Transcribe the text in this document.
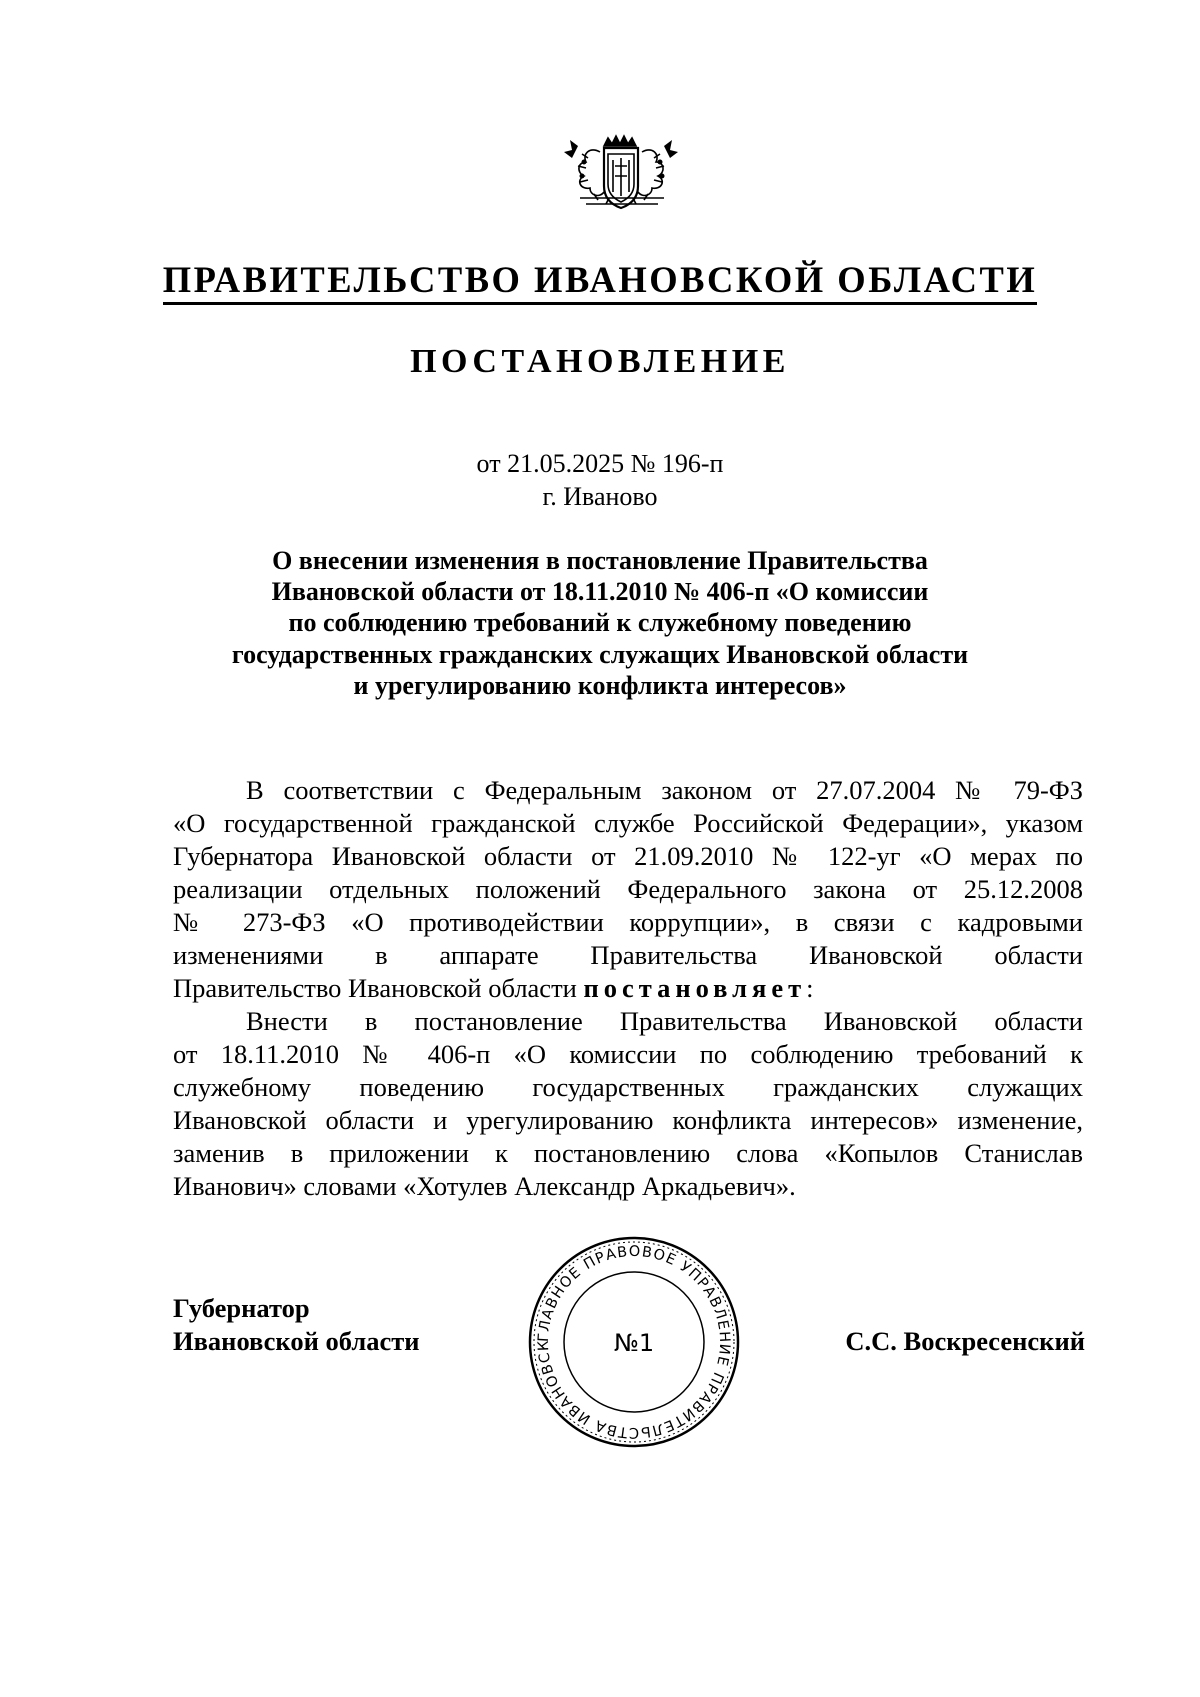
ПРАВИТЕЛЬСТВО ИВАНОВСКОЙ ОБЛАСТИ
ПОСТАНОВЛЕНИЕ
от 21.05.2025 № 196-п
г. Иваново
О внесении изменения в постановление Правительства
Ивановской области от 18.11.2010 № 406-п «О комиссии
по соблюдению требований к служебному поведению
государственных гражданских служащих Ивановской области
и урегулированию конфликта интересов»
В соответствии с Федеральным законом от 27.07.2004 № 79-ФЗ
«О государственной гражданской службе Российской Федерации», указом
Губернатора Ивановской области от 21.09.2010 № 122-уг «О мерах по
реализации отдельных положений Федерального закона от 25.12.2008
№ 273-ФЗ «О противодействии коррупции», в связи с кадровыми
изменениями в аппарате Правительства Ивановской области
Правительство Ивановской области постановляет:
Внести в постановление Правительства Ивановской области
от 18.11.2010 № 406-п «О комиссии по соблюдению требований к
служебному поведению государственных гражданских служащих
Ивановской области и урегулированию конфликта интересов» изменение,
заменив в приложении к постановлению слова «Копылов Станислав
Иванович» словами «Хотулев Александр Аркадьевич».
Губернатор
Ивановской области	С.С. Воскресенский
ГЛАВНОЕ ПРАВОВОЕ УПРАВЛЕНИЕ ПРАВИТЕЛЬСТВА ИВАНОВСК	№1
